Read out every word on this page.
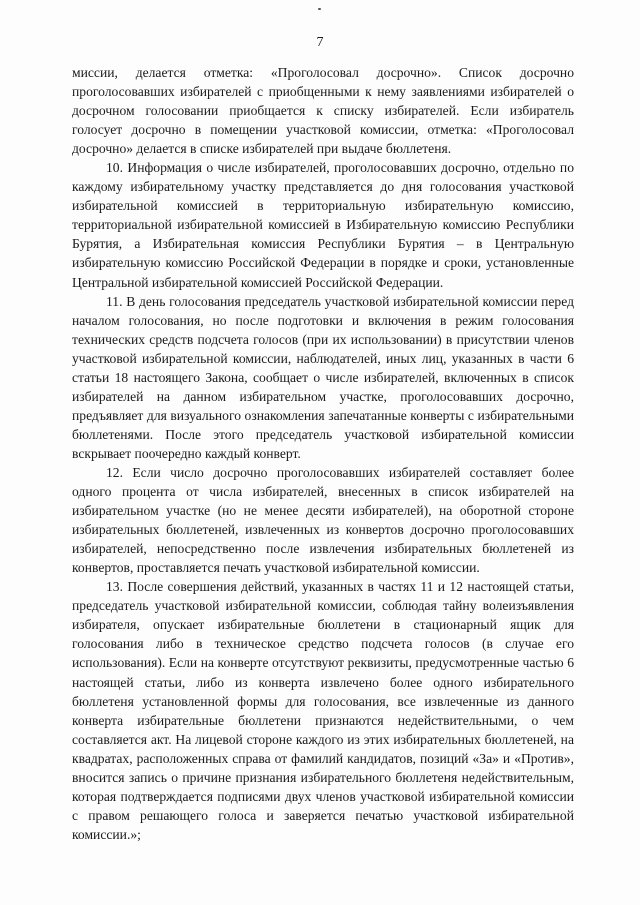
7

миссии, делается отметка: «Проголосовал досрочно». Список досрочно проголосовавших избирателей с приобщенными к нему заявлениями избирателей о досрочном голосовании приобщается к списку избирателей. Если избиратель голосует досрочно в помещении участковой комиссии, отметка: «Проголосовал досрочно» делается в списке избирателей при выдаче бюллетеня.

10. Информация о числе избирателей, проголосовавших досрочно, отдельно по каждому избирательному участку представляется до дня голосования участковой избирательной комиссией в территориальную избирательную комиссию, территориальной избирательной комиссией в Избирательную комиссию Республики Бурятия, а Избирательная комиссия Республики Бурятия – в Центральную избирательную комиссию Российской Федерации в порядке и сроки, установленные Центральной избирательной комиссией Российской Федерации.

11. В день голосования председатель участковой избирательной комиссии перед началом голосования, но после подготовки и включения в режим голосования технических средств подсчета голосов (при их использовании) в присутствии членов участковой избирательной комиссии, наблюдателей, иных лиц, указанных в части 6 статьи 18 настоящего Закона, сообщает о числе избирателей, включенных в список избирателей на данном избирательном участке, проголосовавших досрочно, предъявляет для визуального ознакомления запечатанные конверты с избирательными бюллетенями. После этого председатель участковой избирательной комиссии вскрывает поочередно каждый конверт.

12. Если число досрочно проголосовавших избирателей составляет более одного процента от числа избирателей, внесенных в список избирателей на избирательном участке (но не менее десяти избирателей), на оборотной стороне избирательных бюллетеней, извлеченных из конвертов досрочно проголосовавших избирателей, непосредственно после извлечения избирательных бюллетеней из конвертов, проставляется печать участковой избирательной комиссии.

13. После совершения действий, указанных в частях 11 и 12 настоящей статьи, председатель участковой избирательной комиссии, соблюдая тайну волеизъявления избирателя, опускает избирательные бюллетени в стационарный ящик для голосования либо в техническое средство подсчета голосов (в случае его использования). Если на конверте отсутствуют реквизиты, предусмотренные частью 6 настоящей статьи, либо из конверта извлечено более одного избирательного бюллетеня установленной формы для голосования, все извлеченные из данного конверта избирательные бюллетени признаются недействительными, о чем составляется акт. На лицевой стороне каждого из этих избирательных бюллетеней, на квадратах, расположенных справа от фамилий кандидатов, позиций «За» и «Против», вносится запись о причине признания избирательного бюллетеня недействительным, которая подтверждается подписями двух членов участковой избирательной комиссии с правом решающего голоса и заверяется печатью участковой избирательной комиссии.»;
